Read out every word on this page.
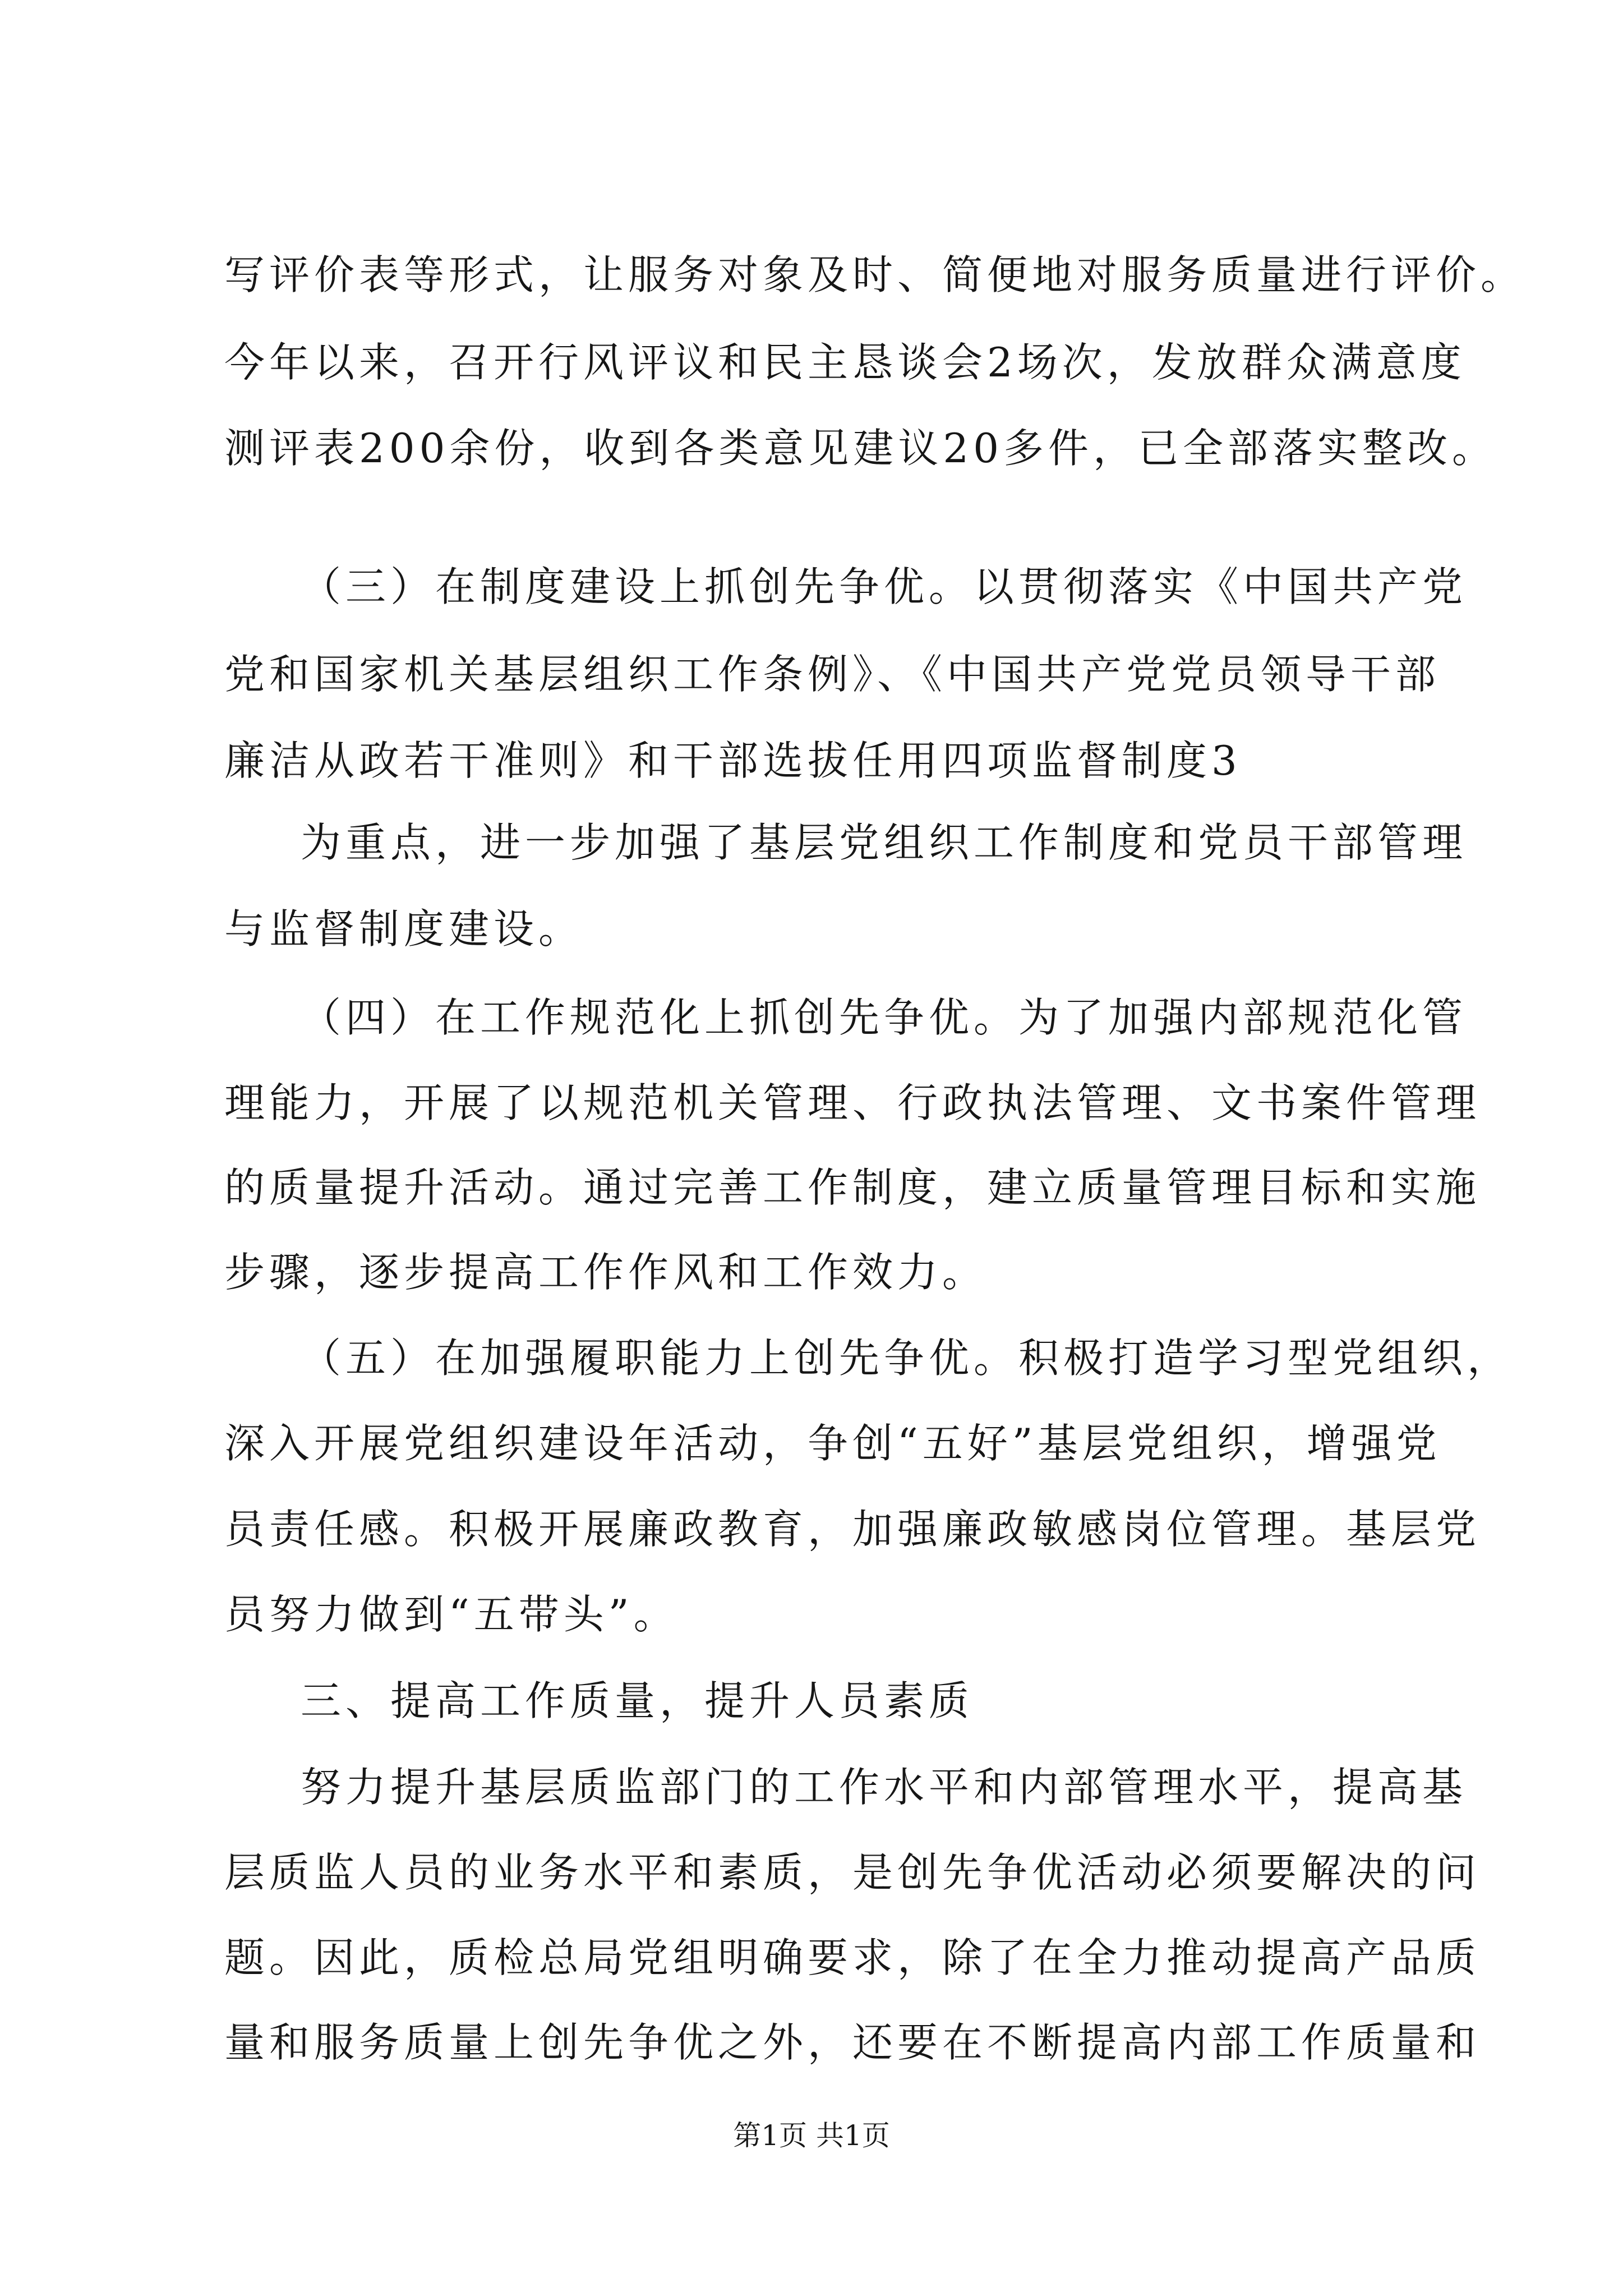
写评价表等形式，让服务对象及时、简便地对服务质量进行评价。

今年以来，召开行风评议和民主恳谈会2场次，发放群众满意度

测评表200余份，收到各类意见建议20多件，已全部落实整改。

（三）在制度建设上抓创先争优。以贯彻落实《中国共产党

党和国家机关基层组织工作条例》、《中国共产党党员领导干部

廉洁从政若干准则》和干部选拔任用四项监督制度3

为重点，进一步加强了基层党组织工作制度和党员干部管理

与监督制度建设。

（四）在工作规范化上抓创先争优。为了加强内部规范化管

理能力，开展了以规范机关管理、行政执法管理、文书案件管理

的质量提升活动。通过完善工作制度，建立质量管理目标和实施

步骤，逐步提高工作作风和工作效力。

（五）在加强履职能力上创先争优。积极打造学习型党组织，

深入开展党组织建设年活动，争创“五好”基层党组织，增强党

员责任感。积极开展廉政教育，加强廉政敏感岗位管理。基层党

员努力做到“五带头”。

三、提高工作质量，提升人员素质

努力提升基层质监部门的工作水平和内部管理水平，提高基

层质监人员的业务水平和素质，是创先争优活动必须要解决的问

题。因此，质检总局党组明确要求，除了在全力推动提高产品质

量和服务质量上创先争优之外，还要在不断提高内部工作质量和

第1页 共1页
